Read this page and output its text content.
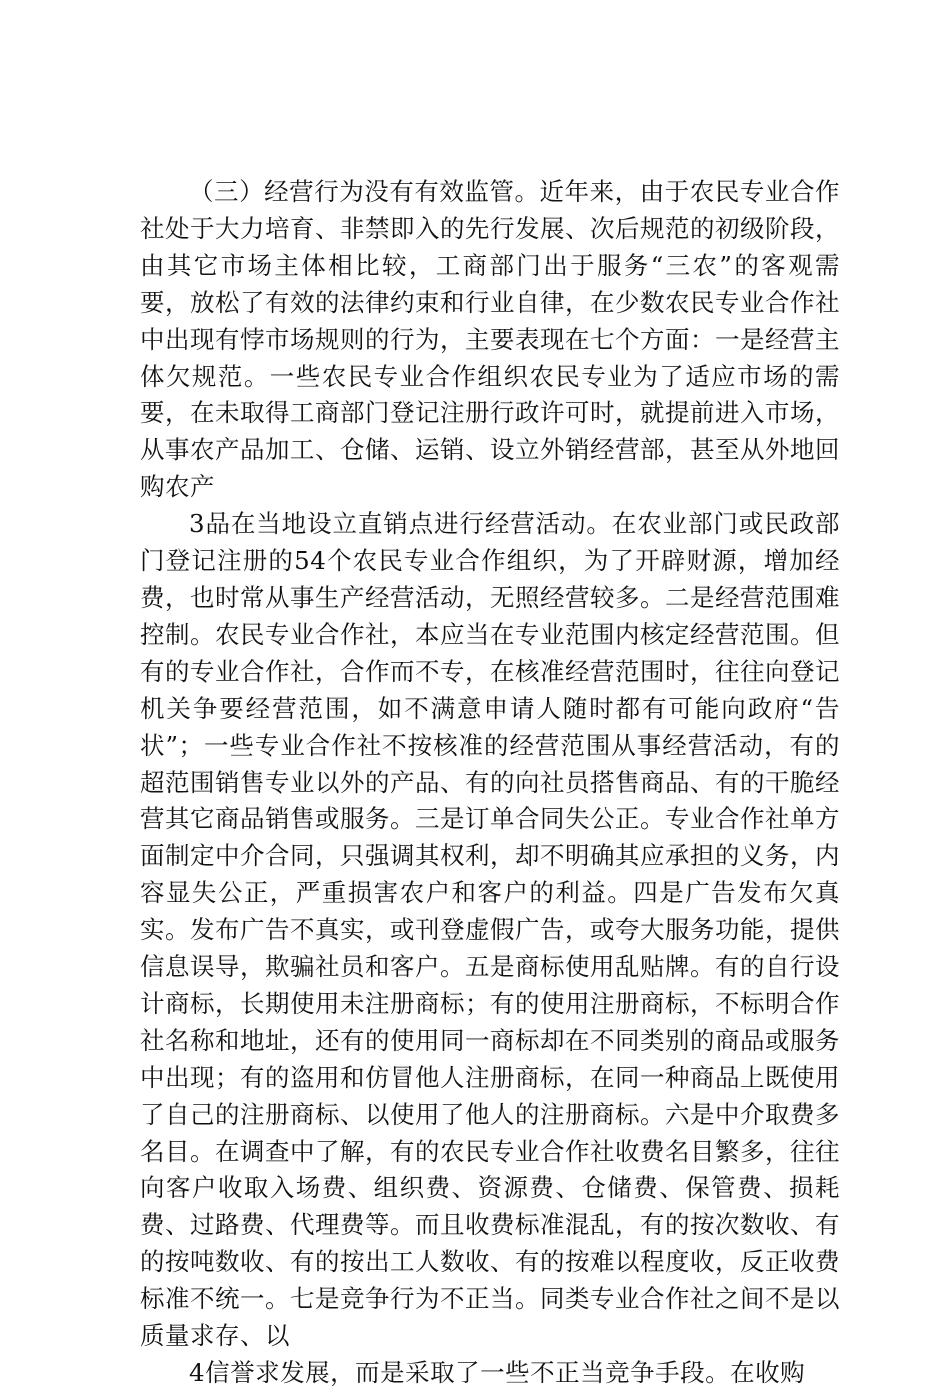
（三）经营行为没有有效监管。近年来，由于农民专业合作社处于大力培育、非禁即入的先行发展、次后规范的初级阶段，由其它市场主体相比较，工商部门出于服务“三农”的客观需要，放松了有效的法律约束和行业自律，在少数农民专业合作社中出现有悖市场规则的行为，主要表现在七个方面：一是经营主体欠规范。一些农民专业合作组织农民专业为了适应市场的需要，在未取得工商部门登记注册行政许可时，就提前进入市场，从事农产品加工、仓储、运销、设立外销经营部，甚至从外地回购农产

3品在当地设立直销点进行经营活动。在农业部门或民政部门登记注册的54个农民专业合作组织，为了开辟财源，增加经费，也时常从事生产经营活动，无照经营较多。二是经营范围难控制。农民专业合作社，本应当在专业范围内核定经营范围。但有的专业合作社，合作而不专，在核准经营范围时，往往向登记机关争要经营范围，如不满意申请人随时都有可能向政府“告状”；一些专业合作社不按核准的经营范围从事经营活动，有的超范围销售专业以外的产品、有的向社员搭售商品、有的干脆经营其它商品销售或服务。三是订单合同失公正。专业合作社单方面制定中介合同，只强调其权利，却不明确其应承担的义务，内容显失公正，严重损害农户和客户的利益。四是广告发布欠真实。发布广告不真实，或刊登虚假广告，或夸大服务功能，提供信息误导，欺骗社员和客户。五是商标使用乱贴牌。有的自行设计商标，长期使用未注册商标；有的使用注册商标，不标明合作社名称和地址，还有的使用同一商标却在不同类别的商品或服务中出现；有的盗用和仿冒他人注册商标，在同一种商品上既使用了自己的注册商标、以使用了他人的注册商标。六是中介取费多名目。在调查中了解，有的农民专业合作社收费名目繁多，往往向客户收取入场费、组织费、资源费、仓储费、保管费、损耗费、过路费、代理费等。而且收费标准混乱，有的按次数收、有的按吨数收、有的按出工人数收、有的按难以程度收，反正收费标准不统一。七是竞争行为不正当。同类专业合作社之间不是以质量求存、以

4信誉求发展，而是采取了一些不正当竞争手段。在收购
